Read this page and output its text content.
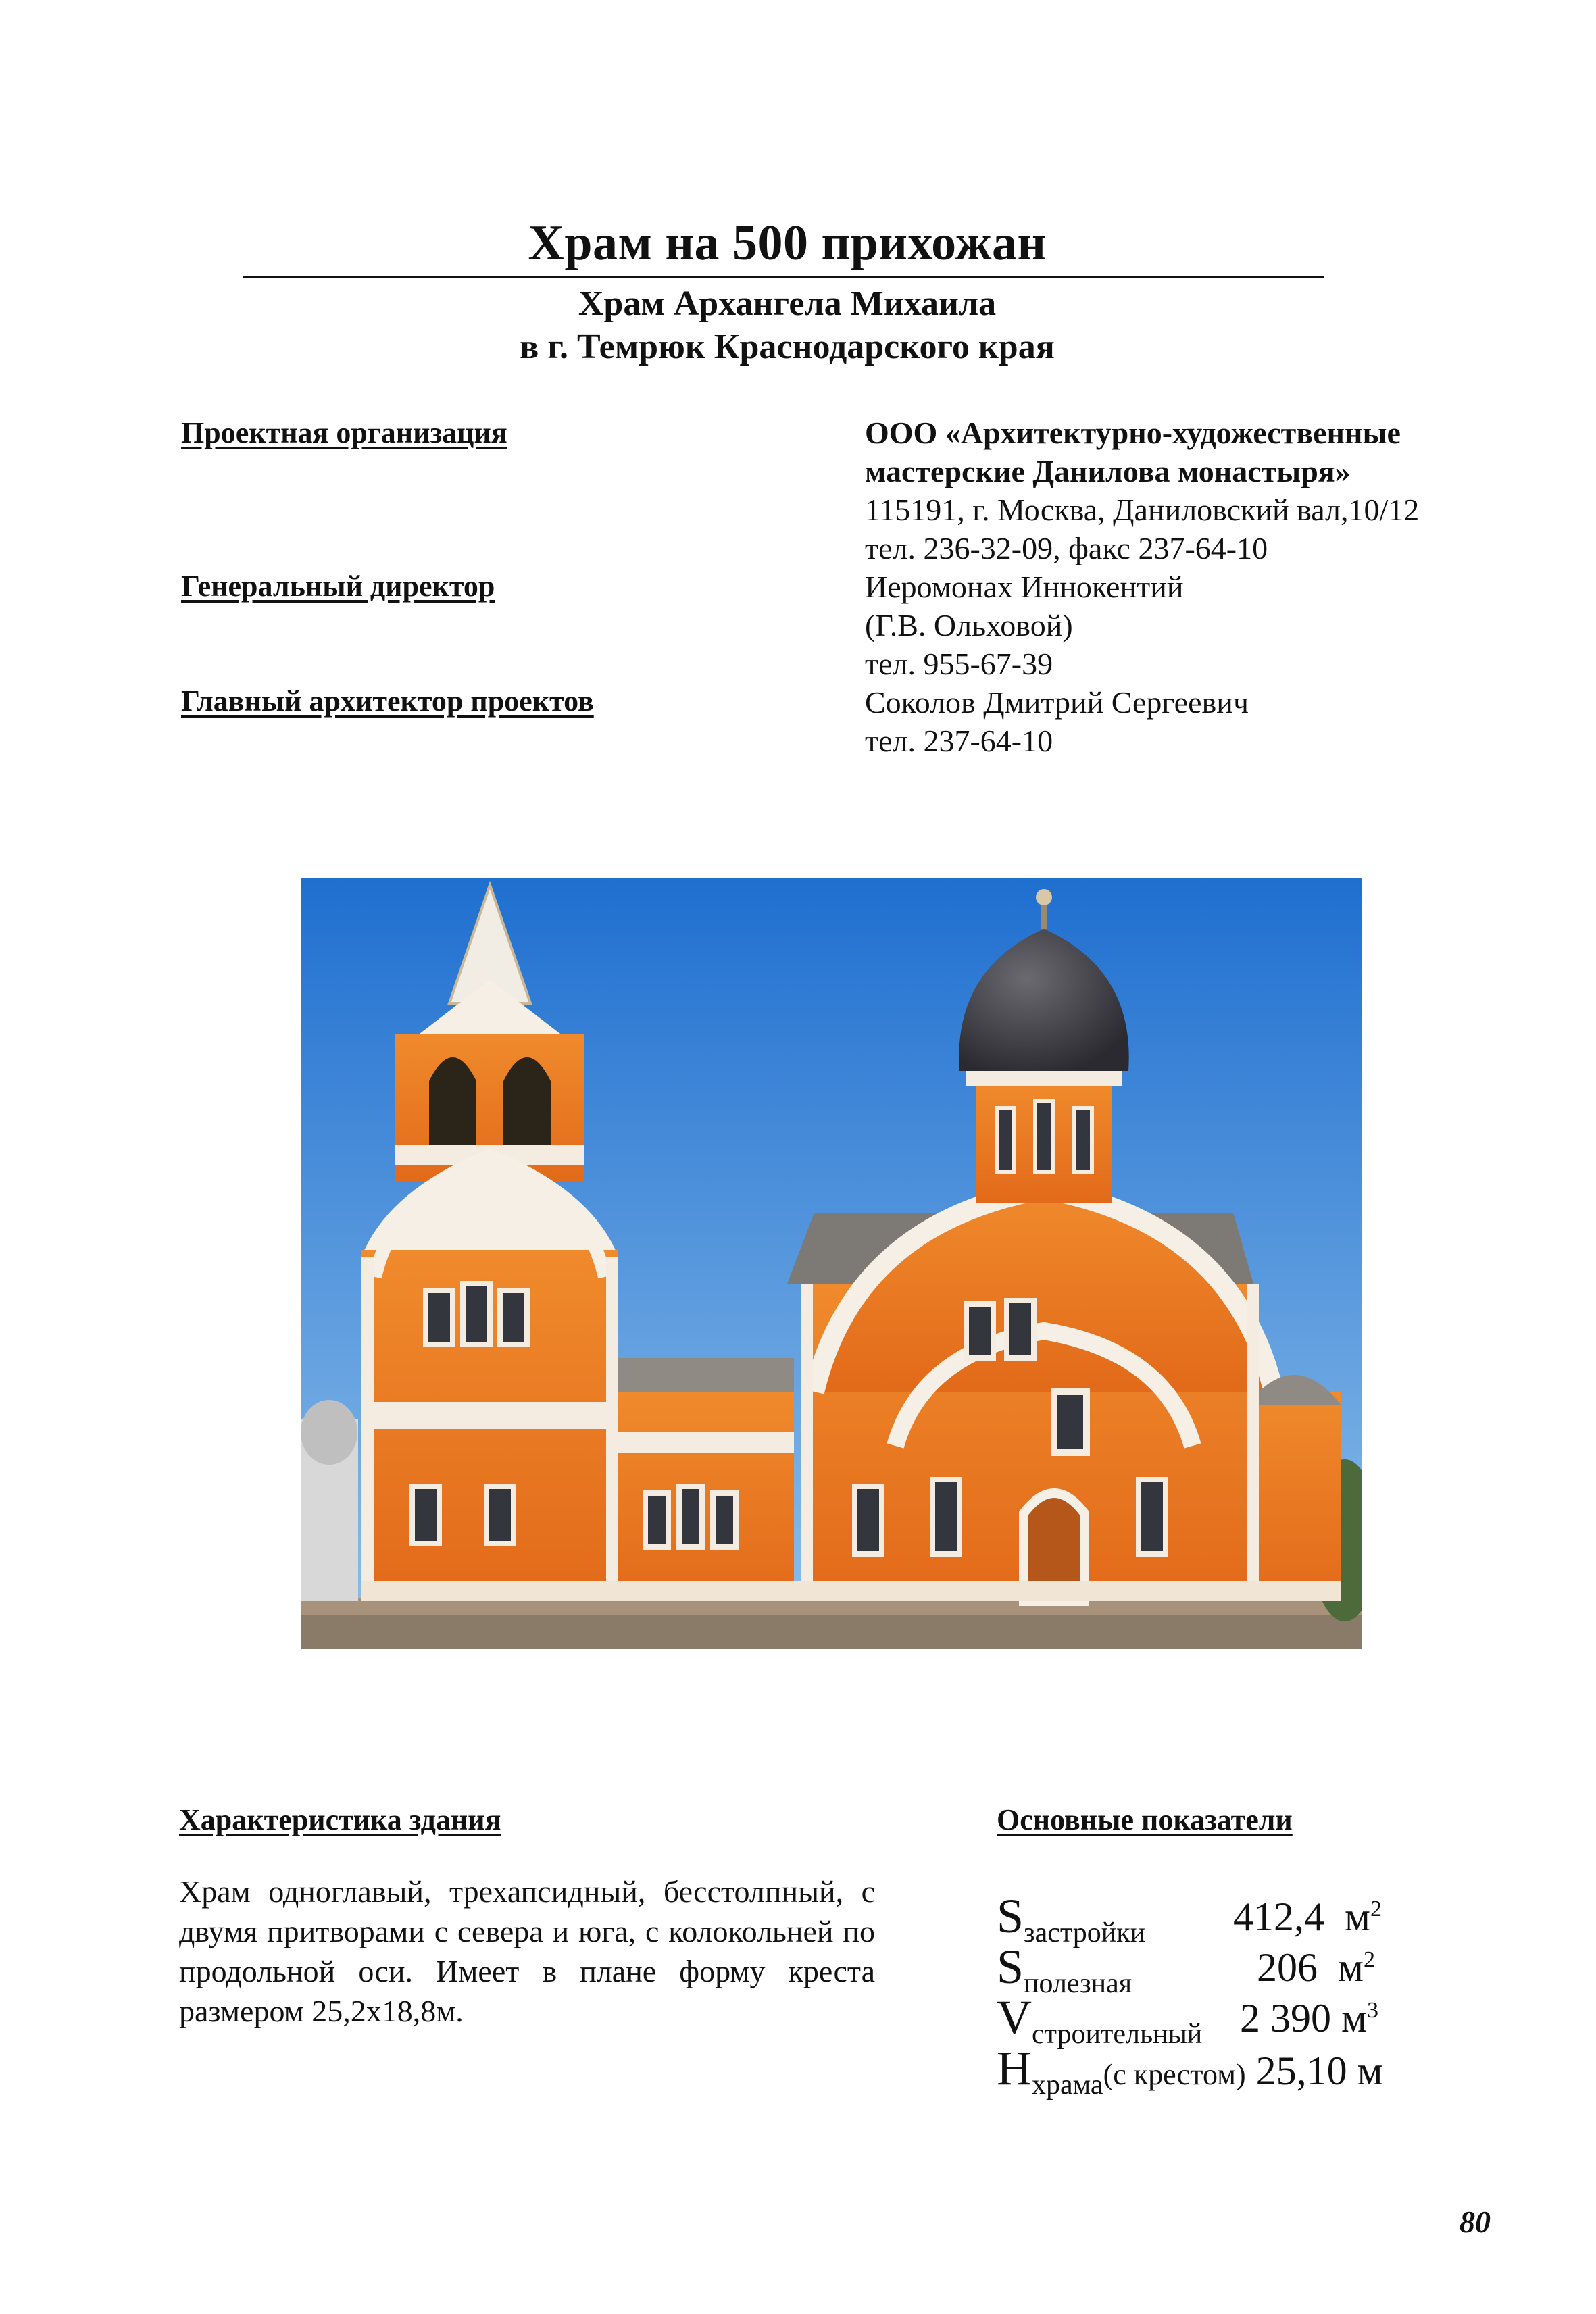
Храм на 500 прихожан
Храм Архангела Михаила
в г. Темрюк Краснодарского края
Проектная организация
Генеральный директор
Главный архитектор проектов
ООО «Архитектурно-художественные
мастерские Данилова монастыря»
115191, г. Москва, Даниловский вал,10/12
тел. 236-32-09, факс 237-64-10
Иеромонах Иннокентий
(Г.В. Ольховой)
тел. 955-67-39
Соколов Дмитрий Сергеевич
тел. 237-64-10
Характеристика здания
Храм одноглавый, трехапсидный, бесстолпный, с двумя притворами с севера и юга, с колокольней по продольной оси. Имеет в плане форму креста размером 25,2х18,8м.
Основные показатели
$S_{застройки}$ 412,4 $м^2$
$S_{полезная}$	206 $м^2$
$V_{строительный}$ 2 390 $м^3$
$H_{храма}(с$ крестом) 25,10 м
80
